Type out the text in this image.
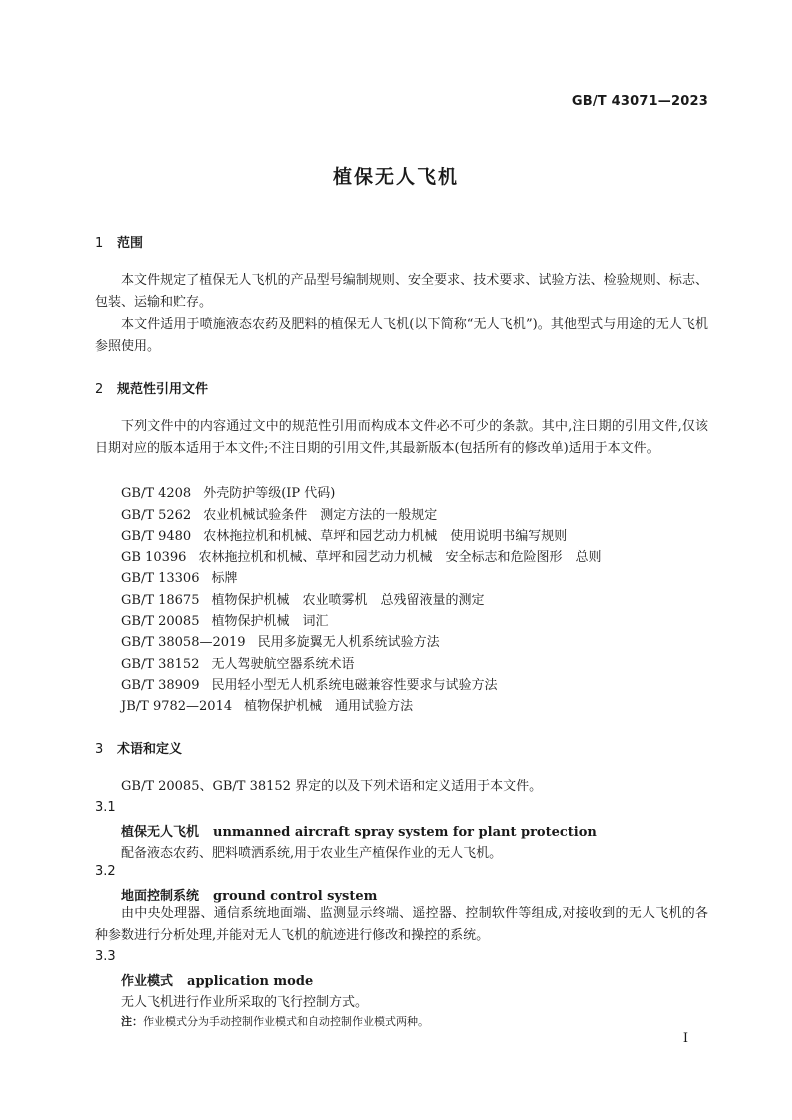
GB/T 43071—2023
植保无人飞机
1 范围
本文件规定了植保无人飞机的产品型号编制规则、安全要求、技术要求、试验方法、检验规则、标志、包装、运输和贮存。
本文件适用于喷施液态农药及肥料的植保无人飞机(以下简称“无人飞机”)。其他型式与用途的无人飞机参照使用。
2 规范性引用文件
下列文件中的内容通过文中的规范性引用而构成本文件必不可少的条款。其中,注日期的引用文件,仅该日期对应的版本适用于本文件;不注日期的引用文件,其最新版本(包括所有的修改单)适用于本文件。
GB/T 4208 外壳防护等级(IP 代码)
GB/T 5262 农业机械试验条件　测定方法的一般规定
GB/T 9480 农林拖拉机和机械、草坪和园艺动力机械　使用说明书编写规则
GB 10396 农林拖拉机和机械、草坪和园艺动力机械　安全标志和危险图形　总则
GB/T 13306 标牌
GB/T 18675 植物保护机械　农业喷雾机　总残留液量的测定
GB/T 20085 植物保护机械　词汇
GB/T 38058—2019 民用多旋翼无人机系统试验方法
GB/T 38152 无人驾驶航空器系统术语
GB/T 38909 民用轻小型无人机系统电磁兼容性要求与试验方法
JB/T 9782—2014 植物保护机械　通用试验方法
3 术语和定义
GB/T 20085、GB/T 38152 界定的以及下列术语和定义适用于本文件。
3.1
植保无人飞机 unmanned aircraft spray system for plant protection
配备液态农药、肥料喷洒系统,用于农业生产植保作业的无人飞机。
3.2
地面控制系统 ground control system
由中央处理器、通信系统地面端、监测显示终端、遥控器、控制软件等组成,对接收到的无人飞机的各种参数进行分析处理,并能对无人飞机的航迹进行修改和操控的系统。
3.3
作业模式 application mode
无人飞机进行作业所采取的飞行控制方式。
注：作业模式分为手动控制作业模式和自动控制作业模式两种。
I
